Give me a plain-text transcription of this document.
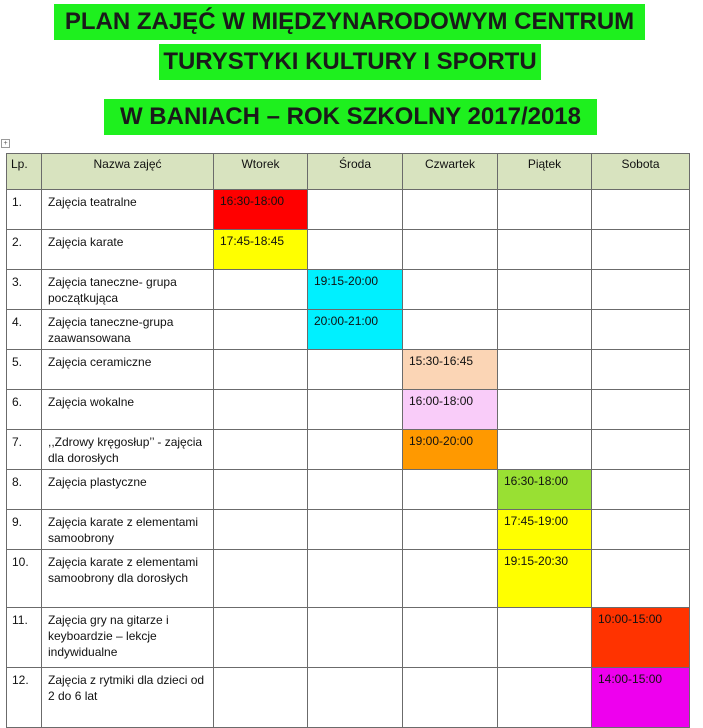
PLAN ZAJĘĆ W MIĘDZYNARODOWYM CENTRUM
TURYSTYKI KULTURY I SPORTU
W BANIACH – ROK SZKOLNY 2017/2018
+
Lp.	Nazwa zajęć	Wtorek	Środa	Czwartek	Piątek	Sobota
1.	Zajęcia teatralne	16:30-18:00				

2.	Zajęcia karate	17:45-18:45				

3.	Zajęcia taneczne- grupa początkująca		19:15-20:00			

4.	Zajęcia taneczne-grupa zaawansowana		20:00-21:00			

5.	Zajęcia ceramiczne			15:30-16:45		

6.	Zajęcia wokalne			16:00-18:00		

7.	,,Zdrowy kręgosłup’’ - zajęcia dla dorosłych			19:00-20:00		

8.	Zajęcia plastyczne				16:30-18:00	

9.	Zajęcia karate z elementami samoobrony				17:45-19:00	

10.	Zajęcia karate z elementami samoobrony dla dorosłych				19:15-20:30	

11.	Zajęcia gry na gitarze i keyboardzie – lekcje indywidualne					10:00-15:00

12.	Zajęcia z rytmiki dla dzieci od 2 do 6 lat					14:00-15:00
